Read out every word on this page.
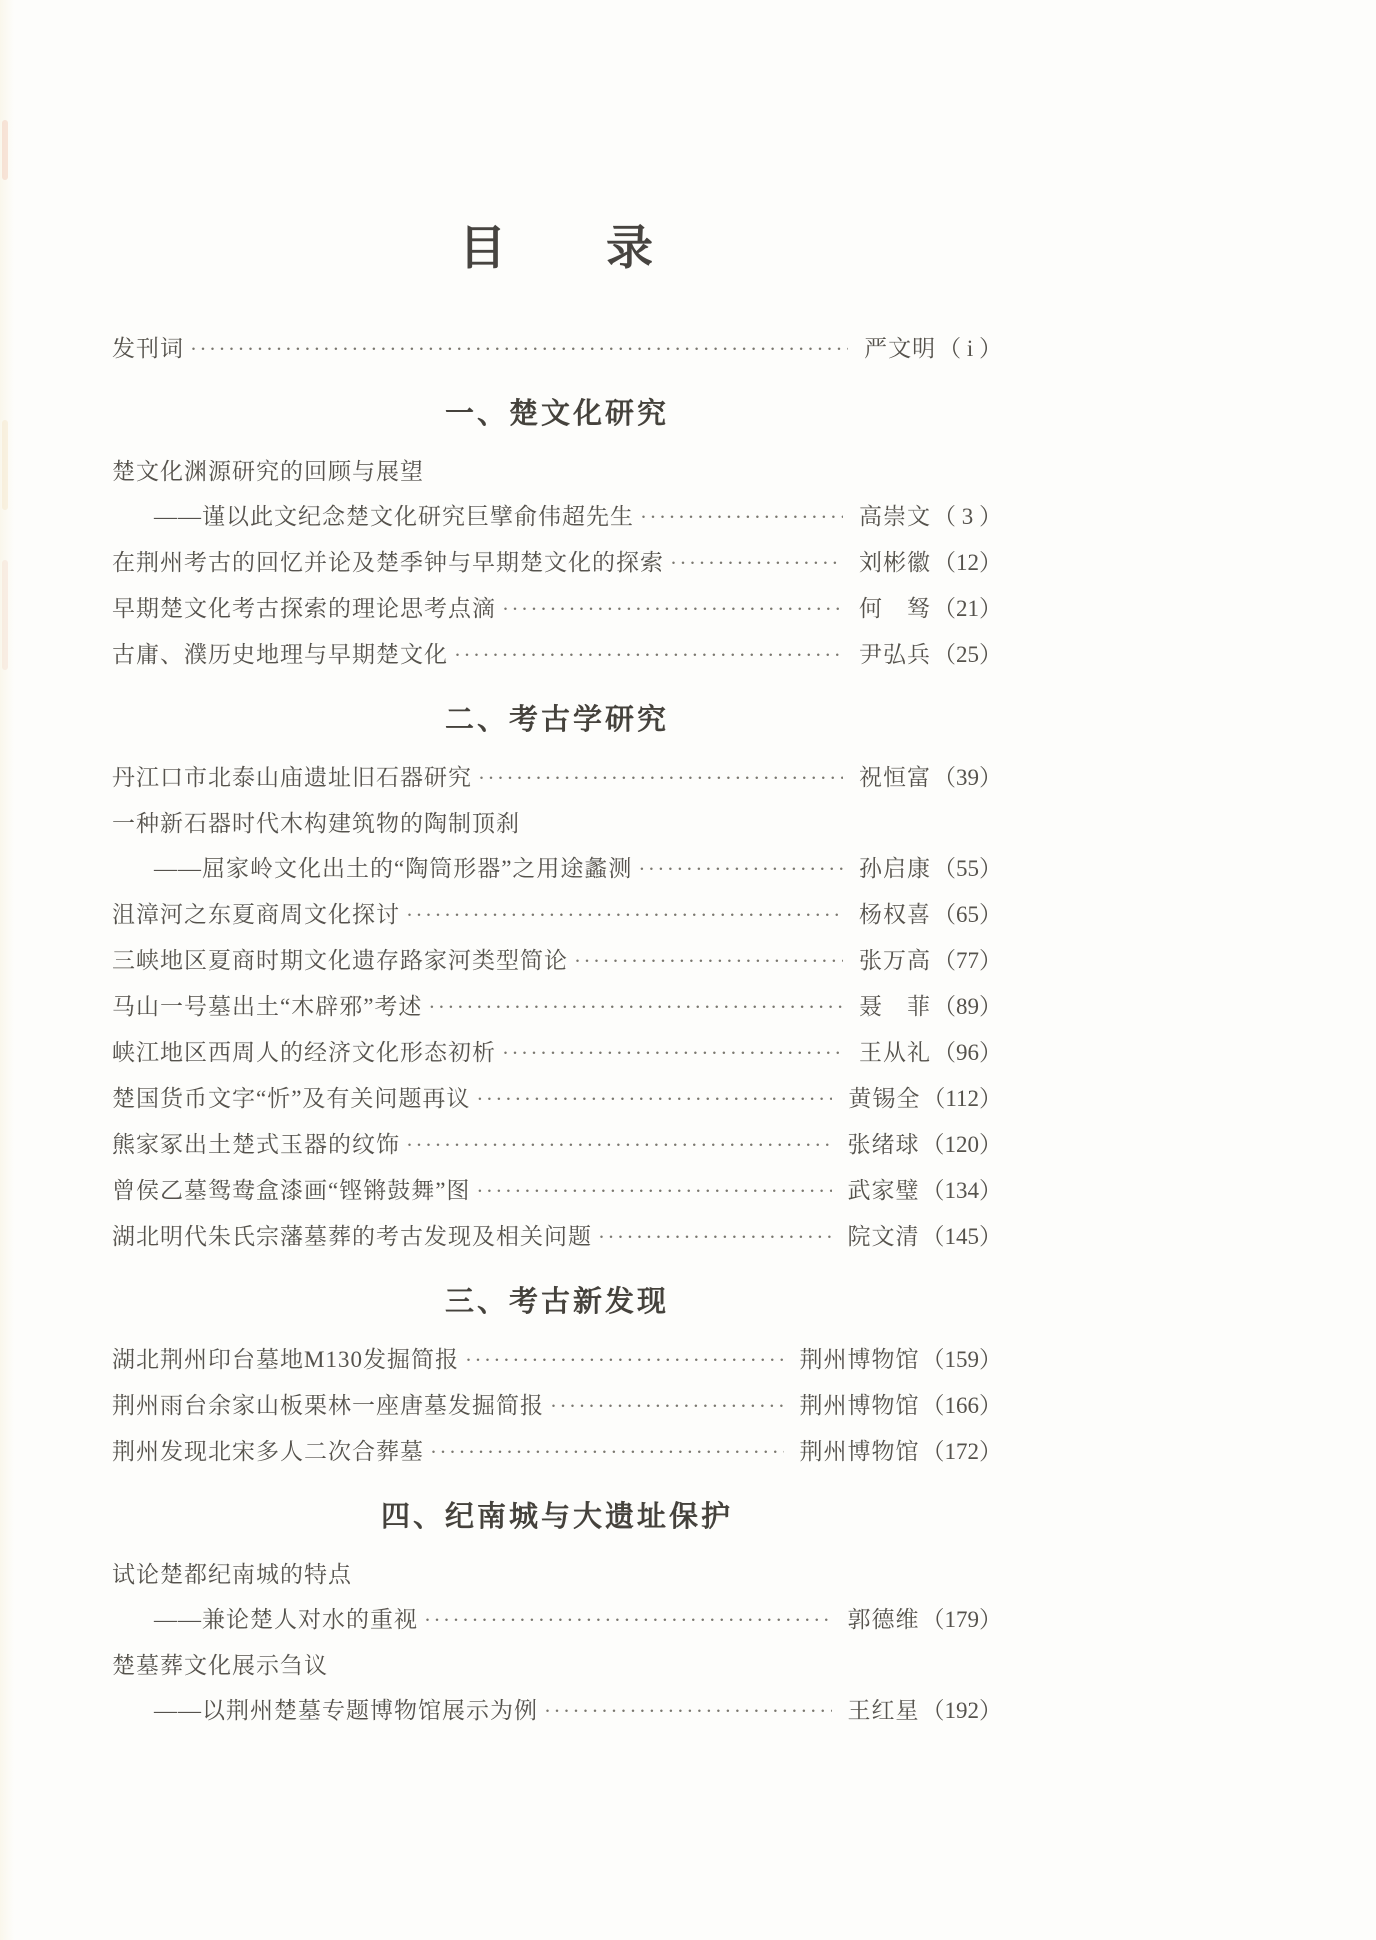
目　　录
发刊词 ·····	严文明 （ i ）
一、楚文化研究
楚文化渊源研究的回顾与展望
——谨以此文纪念楚文化研究巨擘俞伟超先生 ·····	高崇文 （ 3 ）
在荆州考古的回忆并论及楚季钟与早期楚文化的探索 ·····	刘彬徽 （12）
早期楚文化考古探索的理论思考点滴 ·····	何　驽 （21）
古庸、濮历史地理与早期楚文化 ·····	尹弘兵 （25）
二、考古学研究
丹江口市北泰山庙遗址旧石器研究 ·····	祝恒富 （39）
一种新石器时代木构建筑物的陶制顶刹
——屈家岭文化出土的“陶筒形器”之用途蠡测 ·····	孙启康 （55）
沮漳河之东夏商周文化探讨 ·····	杨权喜 （65）
三峡地区夏商时期文化遗存路家河类型简论 ·····	张万高 （77）
马山一号墓出土“木辟邪”考述 ·····	聂　菲 （89）
峡江地区西周人的经济文化形态初析 ·····	王从礼 （96）
楚国货币文字“忻”及有关问题再议 ·····	黄锡全 （112）
熊家冢出土楚式玉器的纹饰 ·····	张绪球 （120）
曾侯乙墓鸳鸯盒漆画“铿锵鼓舞”图 ·····	武家璧 （134）
湖北明代朱氏宗藩墓葬的考古发现及相关问题 ·····	院文清 （145）
三、考古新发现
湖北荆州印台墓地M130发掘简报 ·····	荆州博物馆 （159）
荆州雨台余家山板栗林一座唐墓发掘简报 ·····	荆州博物馆 （166）
荆州发现北宋多人二次合葬墓 ·····	荆州博物馆 （172）
四、纪南城与大遗址保护
试论楚都纪南城的特点
——兼论楚人对水的重视 ·····	郭德维 （179）
楚墓葬文化展示刍议
——以荆州楚墓专题博物馆展示为例 ·····	王红星 （192）
